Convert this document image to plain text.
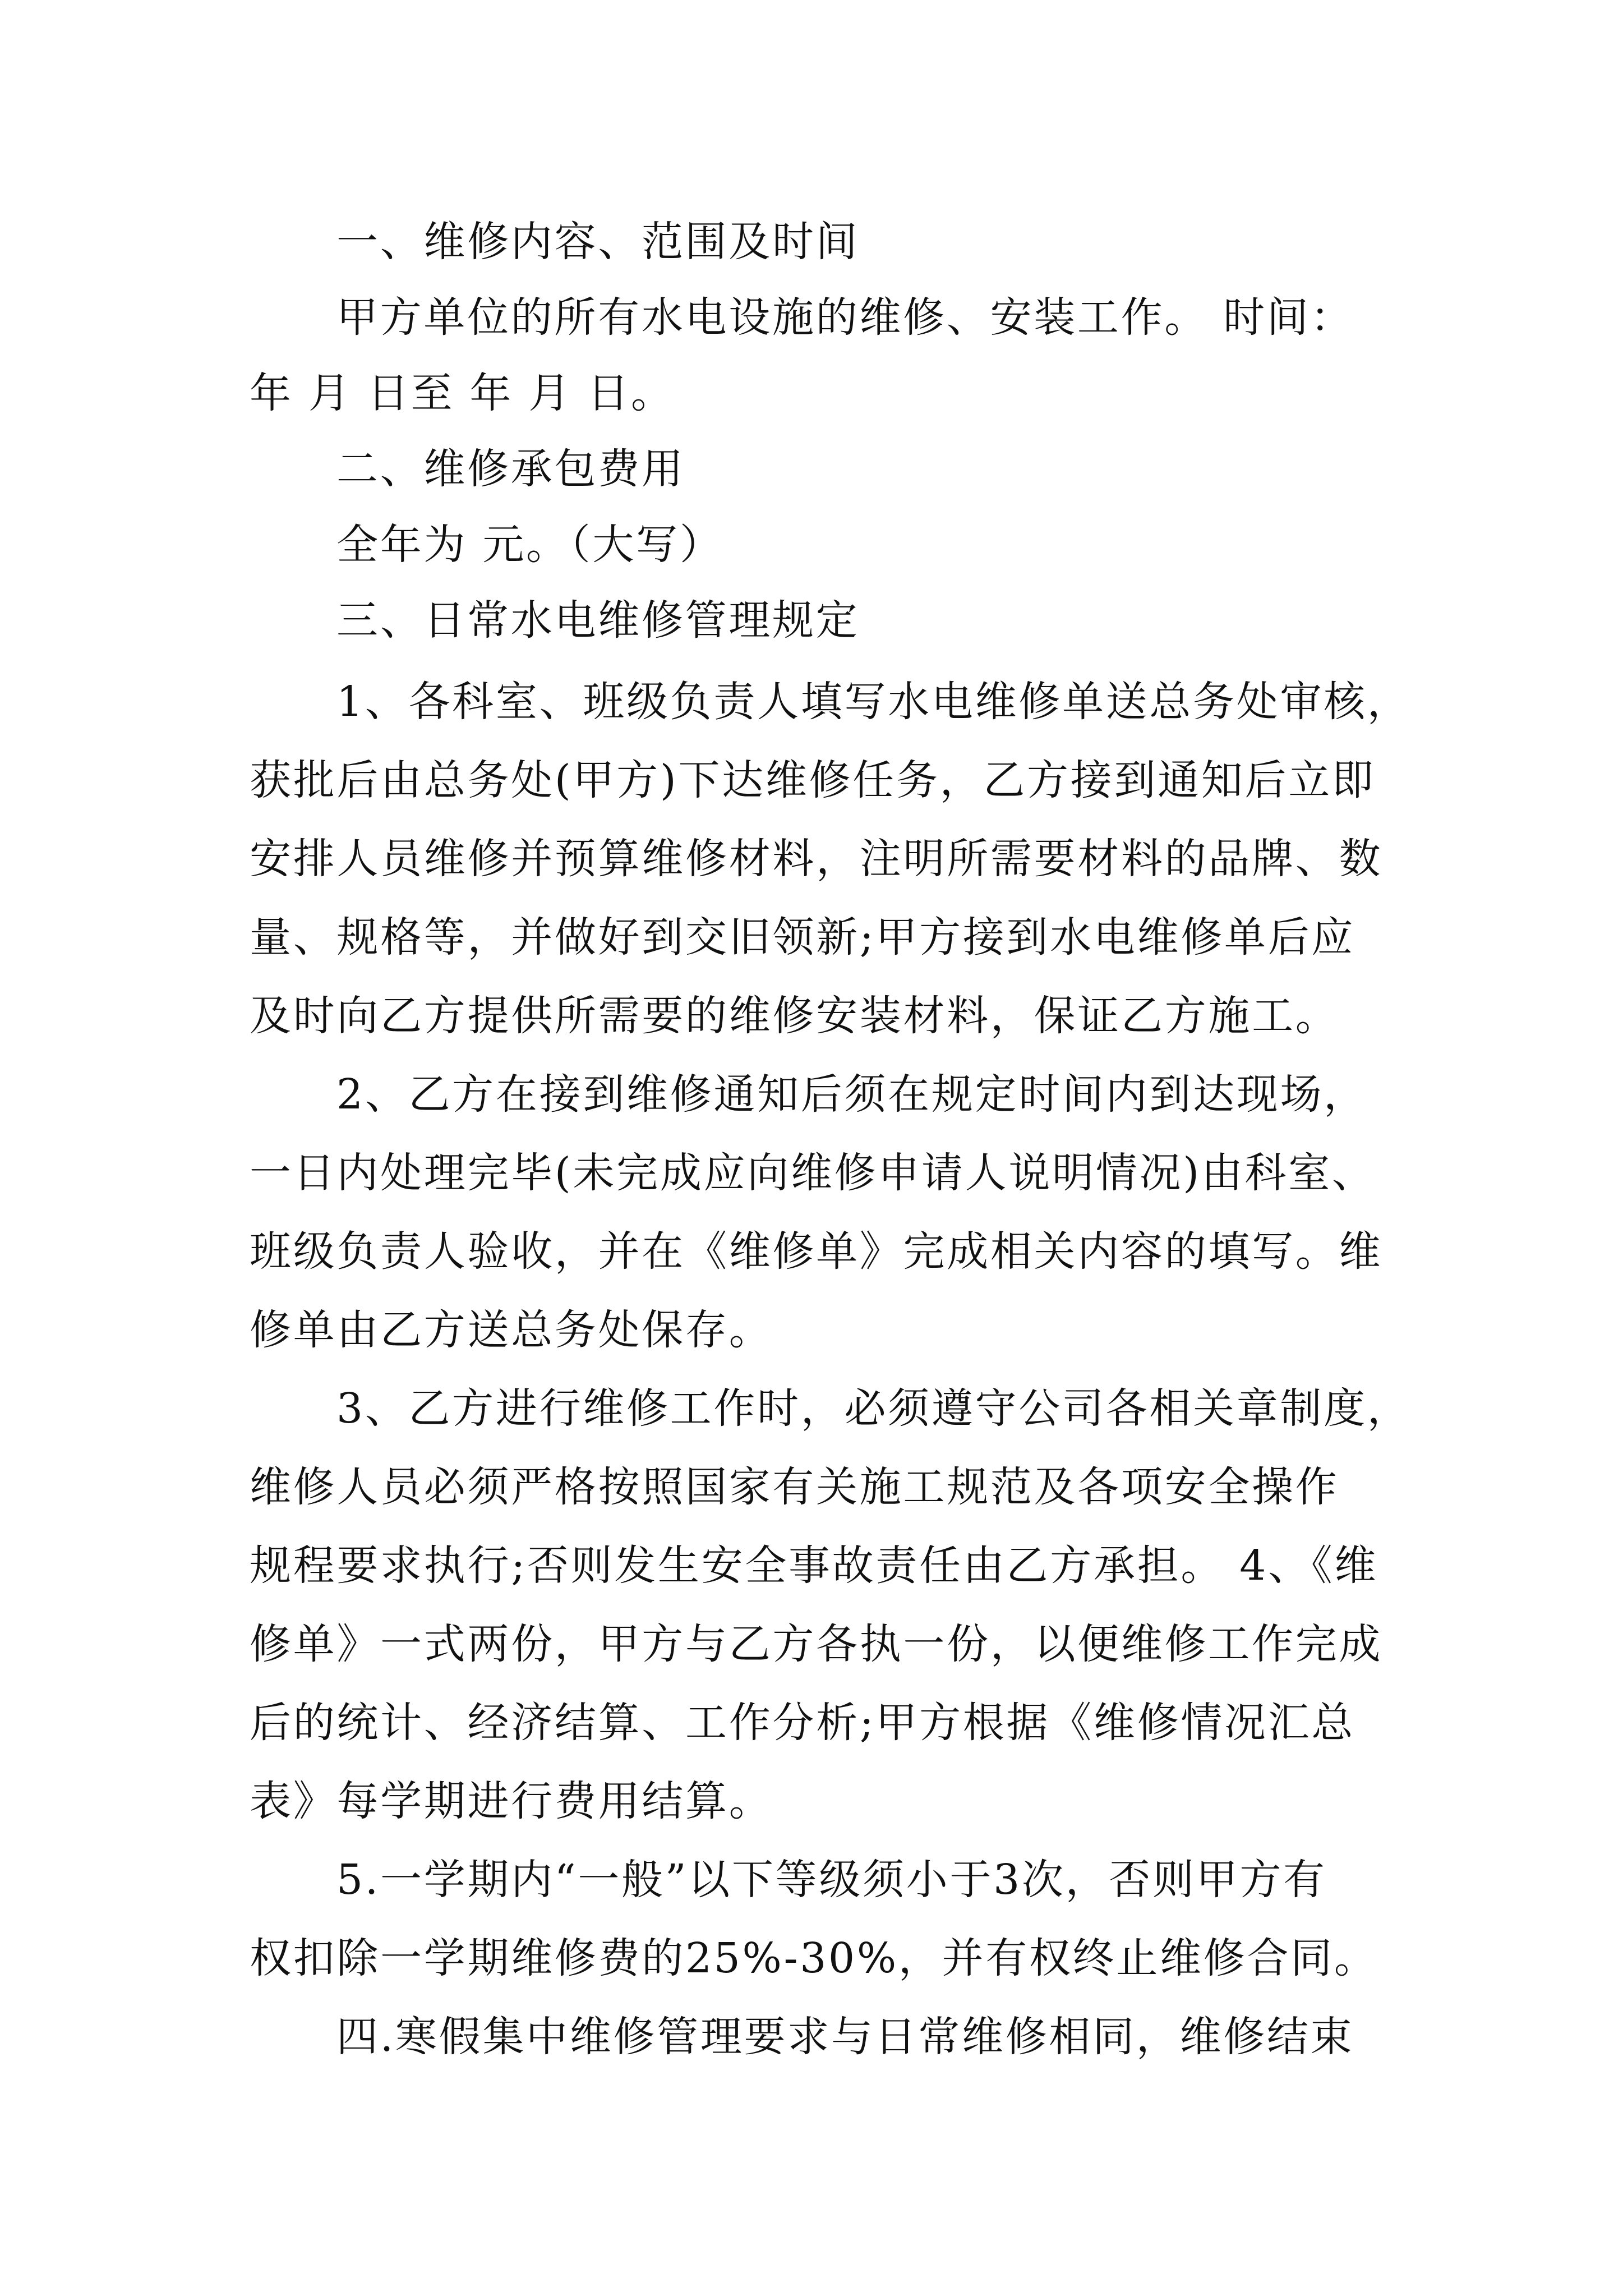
一、维修内容、范围及时间

甲方单位的所有水电设施的维修、安装工作。 时间：

年 月 日至 年 月 日。

二、维修承包费用

全年为 元。（大写）

三、日常水电维修管理规定

1、各科室、班级负责人填写水电维修单送总务处审核，

获批后由总务处(甲方)下达维修任务，乙方接到通知后立即

安排人员维修并预算维修材料，注明所需要材料的品牌、数

量、规格等，并做好到交旧领新;甲方接到水电维修单后应

及时向乙方提供所需要的维修安装材料，保证乙方施工。

2、乙方在接到维修通知后须在规定时间内到达现场，

一日内处理完毕(未完成应向维修申请人说明情况)由科室、

班级负责人验收，并在《维修单》完成相关内容的填写。维

修单由乙方送总务处保存。

3、乙方进行维修工作时，必须遵守公司各相关章制度，

维修人员必须严格按照国家有关施工规范及各项安全操作

规程要求执行;否则发生安全事故责任由乙方承担。 4、《维

修单》一式两份，甲方与乙方各执一份，以便维修工作完成

后的统计、经济结算、工作分析;甲方根据《维修情况汇总

表》每学期进行费用结算。

5.一学期内“一般”以下等级须小于3次，否则甲方有

权扣除一学期维修费的25%-30%，并有权终止维修合同。

四.寒假集中维修管理要求与日常维修相同，维修结束
